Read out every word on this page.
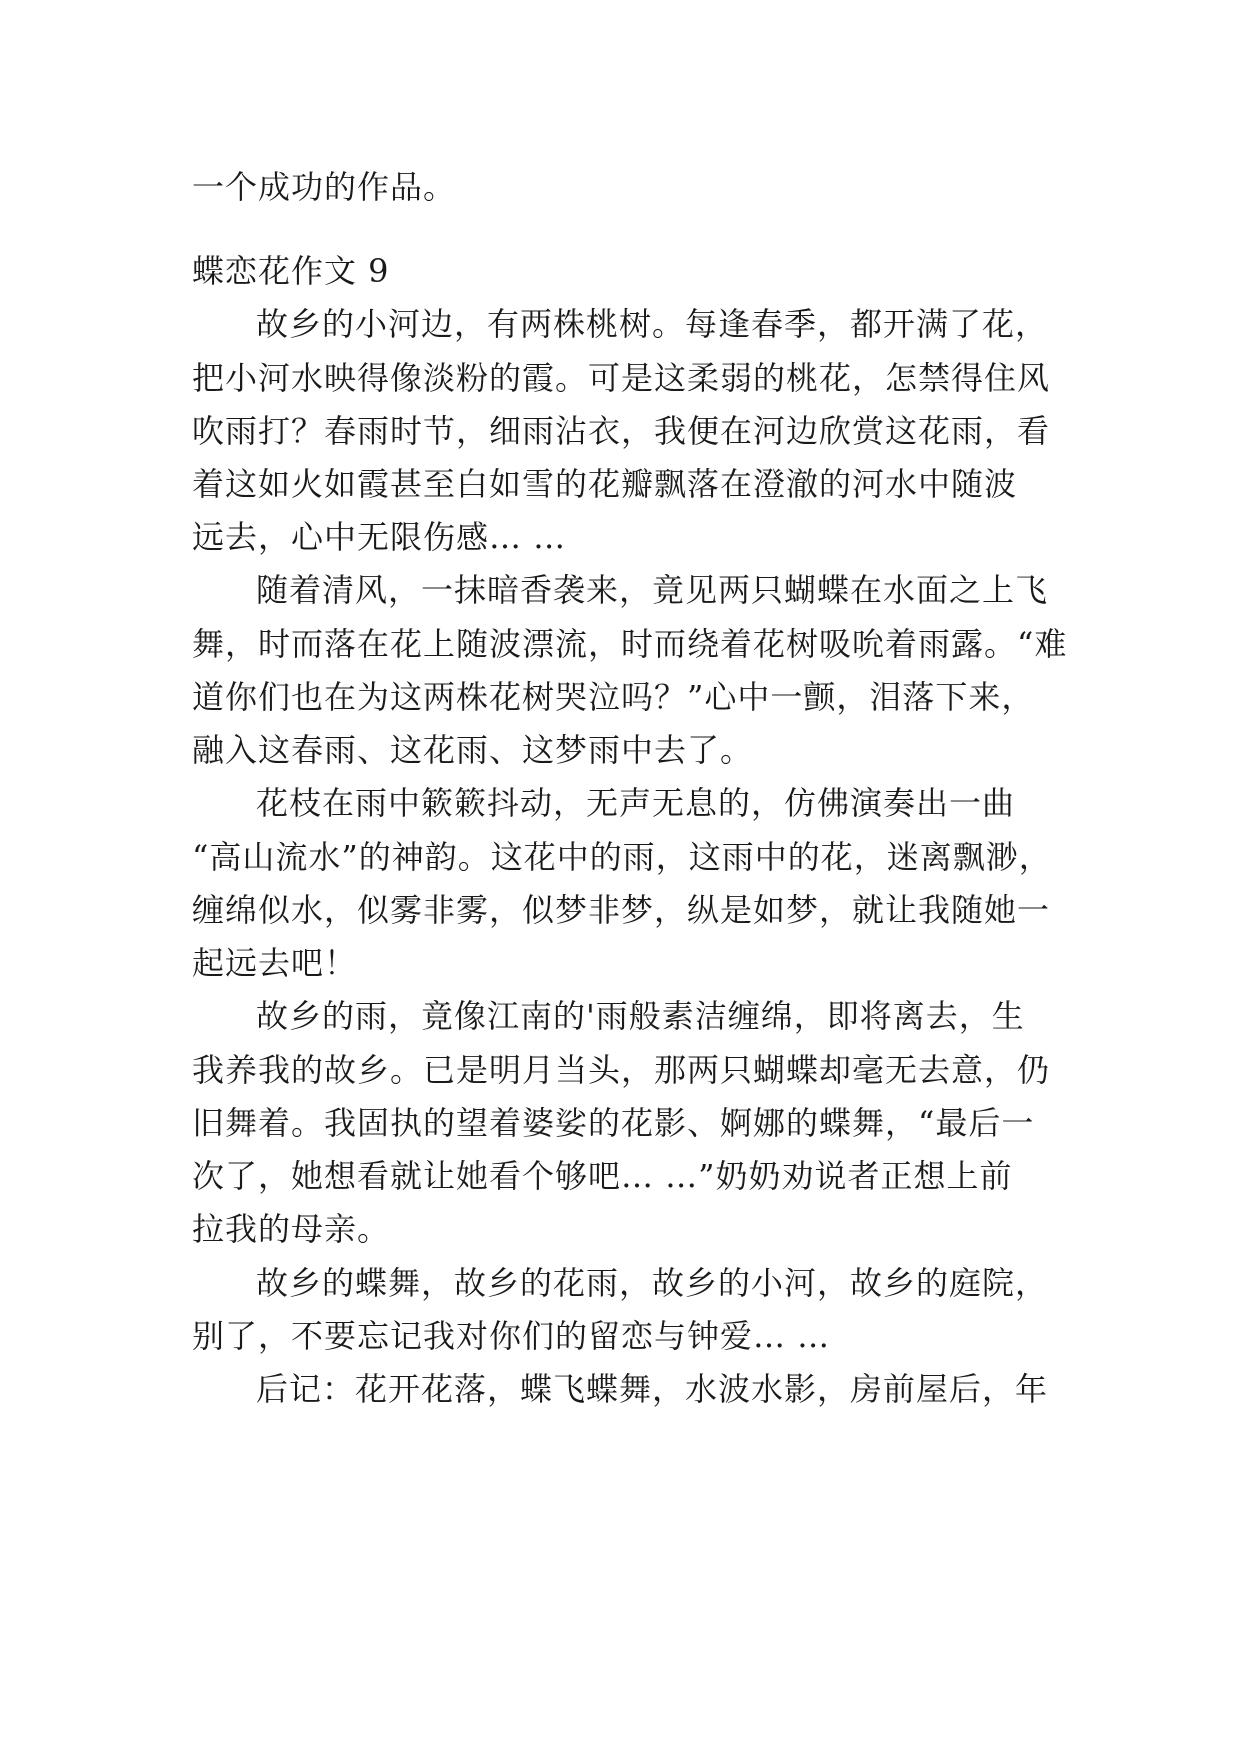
一个成功的作品。

蝶恋花作文 9

故乡的小河边，有两株桃树。每逢春季，都开满了花，

把小河水映得像淡粉的霞。可是这柔弱的桃花，怎禁得住风

吹雨打？春雨时节，细雨沾衣，我便在河边欣赏这花雨，看

着这如火如霞甚至白如雪的花瓣飘落在澄澈的河水中随波

远去，心中无限伤感… …

随着清风，一抹暗香袭来，竟见两只蝴蝶在水面之上飞

舞，时而落在花上随波漂流，时而绕着花树吸吮着雨露。“难

道你们也在为这两株花树哭泣吗？”心中一颤，泪落下来，

融入这春雨、这花雨、这梦雨中去了。

花枝在雨中簌簌抖动，无声无息的，仿佛演奏出一曲

“高山流水”的神韵。这花中的雨，这雨中的花，迷离飘渺，

缠绵似水，似雾非雾，似梦非梦，纵是如梦，就让我随她一

起远去吧！

故乡的雨，竟像江南的'雨般素洁缠绵，即将离去，生

我养我的故乡。已是明月当头，那两只蝴蝶却毫无去意，仍

旧舞着。我固执的望着婆娑的花影、婀娜的蝶舞，“最后一

次了，她想看就让她看个够吧… …”奶奶劝说者正想上前

拉我的母亲。

故乡的蝶舞，故乡的花雨，故乡的小河，故乡的庭院，

别了，不要忘记我对你们的留恋与钟爱… …

后记：花开花落，蝶飞蝶舞，水波水影，房前屋后，年
